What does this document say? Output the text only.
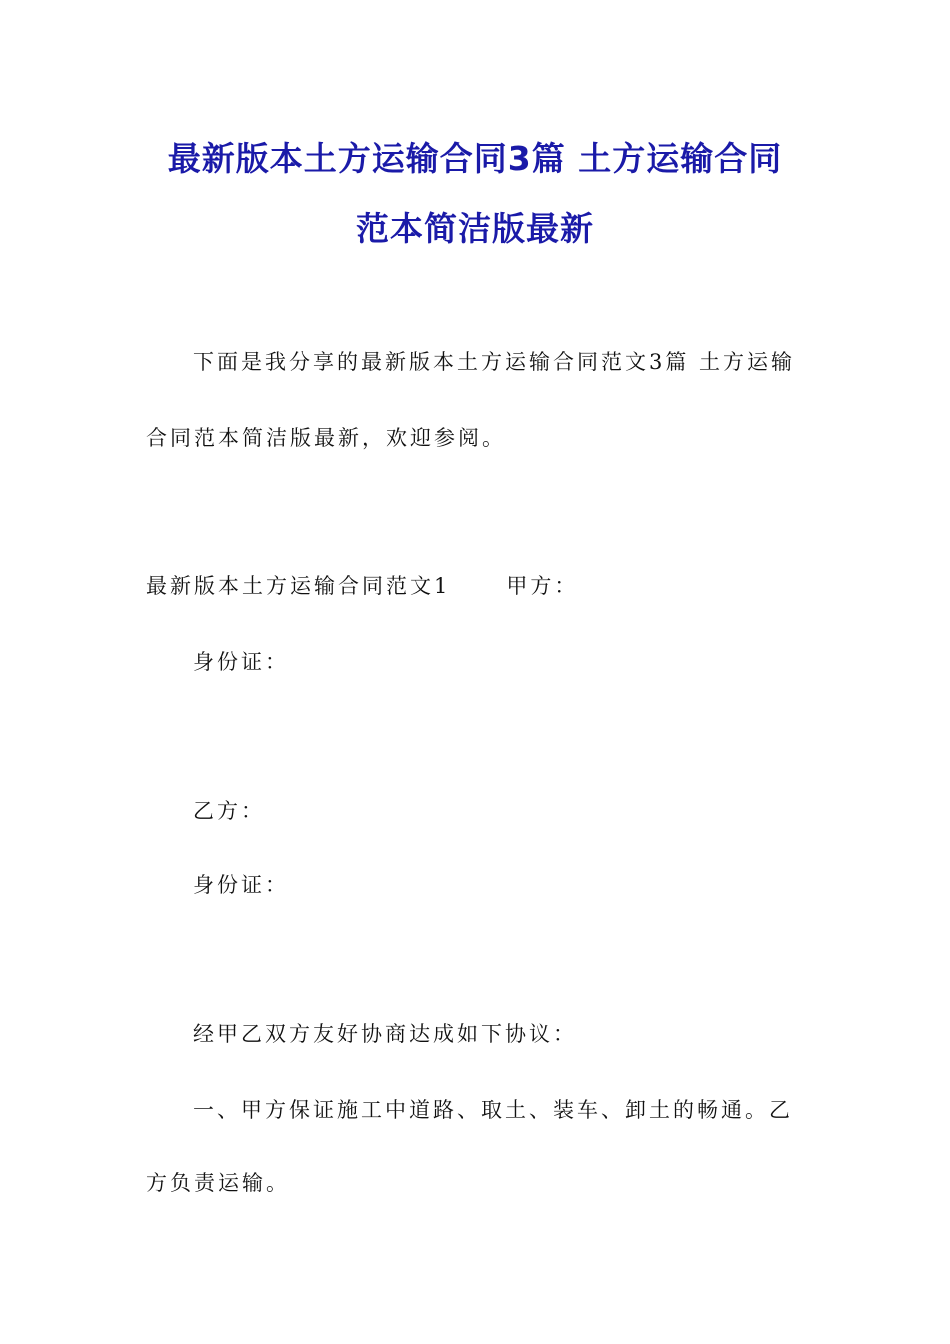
最新版本土方运输合同3篇 土方运输合同
范本简洁版最新
下面是我分享的最新版本土方运输合同范文3篇 土方运输
合同范本简洁版最新，欢迎参阅。
最新版本土方运输合同范文1	甲方：
身份证：
乙方：
身份证：
经甲乙双方友好协商达成如下协议：
一、甲方保证施工中道路、取土、装车、卸土的畅通。乙
方负责运输。
